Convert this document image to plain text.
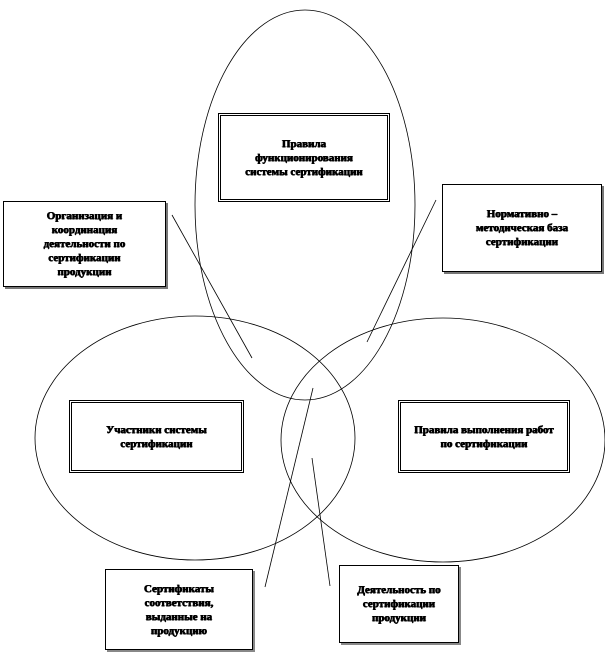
Правила функционирования системы сертификации
Организация и координация деятельности по сертификации продукции
Нормативно – методическая база сертификации
Участники системы сертификации
Правила выполнения работ по сертификации
Сертификаты соответствия, выданные на продукцию
Деятельность по сертификации продукции
